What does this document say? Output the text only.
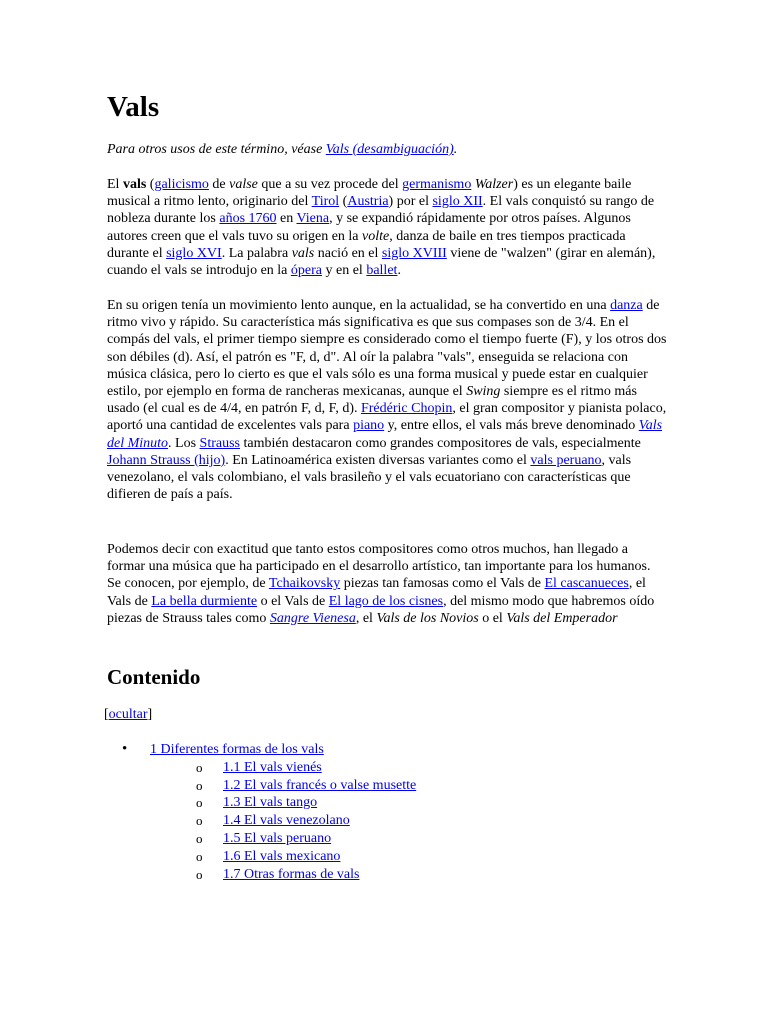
Vals

Para otros usos de este término, véase Vals (desambiguación).

El vals (galicismo de valse que a su vez procede del germanismo Walzer) es un elegante baile musical a ritmo lento, originario del Tirol (Austria) por el siglo XII. El vals conquistó su rango de nobleza durante los años 1760 en Viena, y se expandió rápidamente por otros países. Algunos autores creen que el vals tuvo su origen en la volte, danza de baile en tres tiempos practicada durante el siglo XVI. La palabra vals nació en el siglo XVIII viene de "walzen" (girar en alemán), cuando el vals se introdujo en la ópera y en el ballet.

En su origen tenía un movimiento lento aunque, en la actualidad, se ha convertido en una danza de ritmo vivo y rápido. Su característica más significativa es que sus compases son de 3/4. En el compás del vals, el primer tiempo siempre es considerado como el tiempo fuerte (F), y los otros dos son débiles (d). Así, el patrón es "F, d, d". Al oír la palabra "vals", enseguida se relaciona con música clásica, pero lo cierto es que el vals sólo es una forma musical y puede estar en cualquier estilo, por ejemplo en forma de rancheras mexicanas, aunque el Swing siempre es el ritmo más usado (el cual es de 4/4, en patrón F, d, F, d). Frédéric Chopin, el gran compositor y pianista polaco, aportó una cantidad de excelentes vals para piano y, entre ellos, el vals más breve denominado Vals del Minuto. Los Strauss también destacaron como grandes compositores de vals, especialmente Johann Strauss (hijo). En Latinoamérica existen diversas variantes como el vals peruano, vals venezolano, el vals colombiano, el vals brasileño y el vals ecuatoriano con características que difieren de país a país.

Podemos decir con exactitud que tanto estos compositores como otros muchos, han llegado a formar una música que ha participado en el desarrollo artístico, tan importante para los humanos. Se conocen, por ejemplo, de Tchaikovsky piezas tan famosas como el Vals de El cascanueces, el Vals de La bella durmiente o el Vals de El lago de los cisnes, del mismo modo que habremos oído piezas de Strauss tales como Sangre Vienesa, el Vals de los Novios o el Vals del Emperador

Contenido

[ocultar]

• 1 Diferentes formas de los vals
o 1.1 El vals vienés
o 1.2 El vals francés o valse musette
o 1.3 El vals tango
o 1.4 El vals venezolano
o 1.5 El vals peruano
o 1.6 El vals mexicano
o 1.7 Otras formas de vals
